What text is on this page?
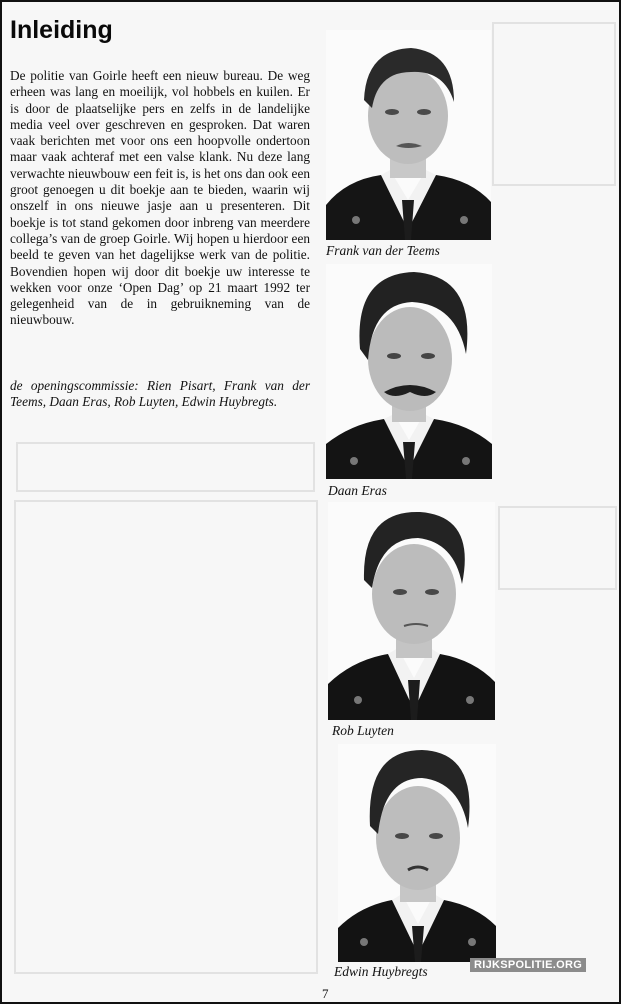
Inleiding
De politie van Goirle heeft een nieuw bureau. De weg erheen was lang en moeilijk, vol hobbels en kuilen. Er is door de plaatselijke pers en zelfs in de landelijke media veel over geschreven en gesproken. Dat waren vaak berichten met voor ons een hoopvolle ondertoon maar vaak achteraf met een valse klank. Nu deze lang verwachte nieuwbouw een feit is, is het ons dan ook een groot genoegen u dit boekje aan te bieden, waarin wij onszelf in ons nieuwe jasje aan u presenteren. Dit boekje is tot stand gekomen door inbreng van meerdere collega’s van de groep Goirle. Wij hopen u hierdoor een beeld te geven van het dagelijkse werk van de politie. Bovendien hopen wij door dit boekje uw interesse te wekken voor onze ‘Open Dag’ op 21 maart 1992 ter gelegenheid van de in gebruikneming van de nieuwbouw.
de openingscommissie: Rien Pisart, Frank van der Teems, Daan Eras, Rob Luyten, Edwin Huybregts.
Frank van der Teems
Daan Eras
Rob Luyten
Edwin Huybregts	RIJKSPOLITIE.ORG
7
